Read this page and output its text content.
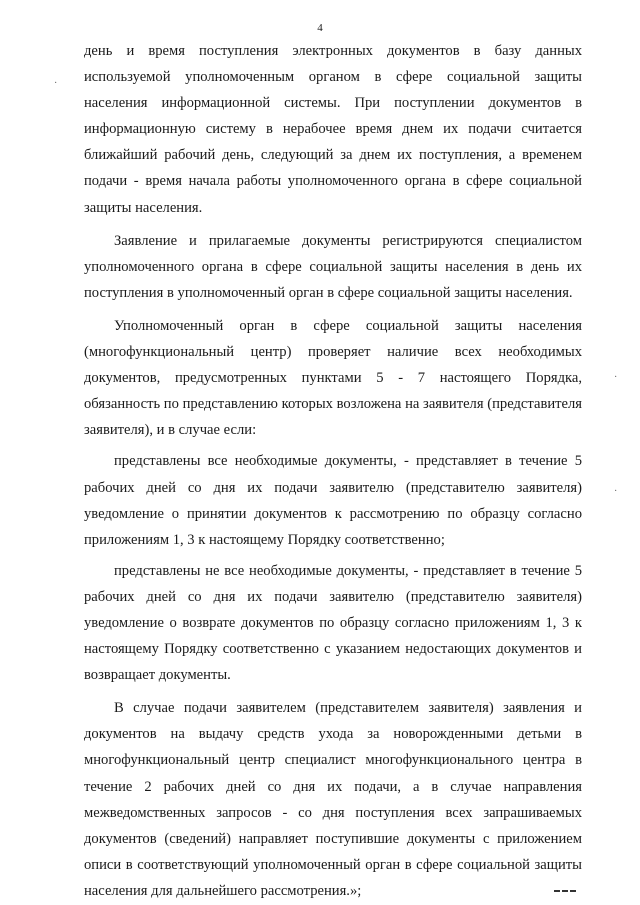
4

день и время поступления электронных документов в базу данных используемой уполномоченным органом в сфере социальной защиты населения информационной системы. При поступлении документов в информационную систему в нерабочее время днем их подачи считается ближайший рабочий день, следующий за днем их поступления, а временем подачи - время начала работы уполномоченного органа в сфере социальной защиты населения.

Заявление и прилагаемые документы регистрируются специалистом уполномоченного органа в сфере социальной защиты населения в день их поступления в уполномоченный орган в сфере социальной защиты населения.

Уполномоченный орган в сфере социальной защиты населения (многофункциональный центр) проверяет наличие всех необходимых документов, предусмотренных пунктами 5 - 7 настоящего Порядка, обязанность по представлению которых возложена на заявителя (представителя заявителя), и в случае если:

представлены все необходимые документы, - представляет в течение 5 рабочих дней со дня их подачи заявителю (представителю заявителя) уведомление о принятии документов к рассмотрению по образцу согласно приложениям 1, 3 к настоящему Порядку соответственно;

представлены не все необходимые документы, - представляет в течение 5 рабочих дней со дня их подачи заявителю (представителю заявителя) уведомление о возврате документов по образцу согласно приложениям 1, 3 к настоящему Порядку соответственно с указанием недостающих документов и возвращает документы.

В случае подачи заявителем (представителем заявителя) заявления и документов на выдачу средств ухода за новорожденными детьми в многофункциональный центр специалист многофункционального центра в течение 2 рабочих дней со дня их подачи, а в случае направления межведомственных запросов - со дня поступления всех запрашиваемых документов (сведений) направляет поступившие документы с приложением описи в соответствующий уполномоченный орган в сфере социальной защиты населения для дальнейшего рассмотрения.»;

·
·
·
